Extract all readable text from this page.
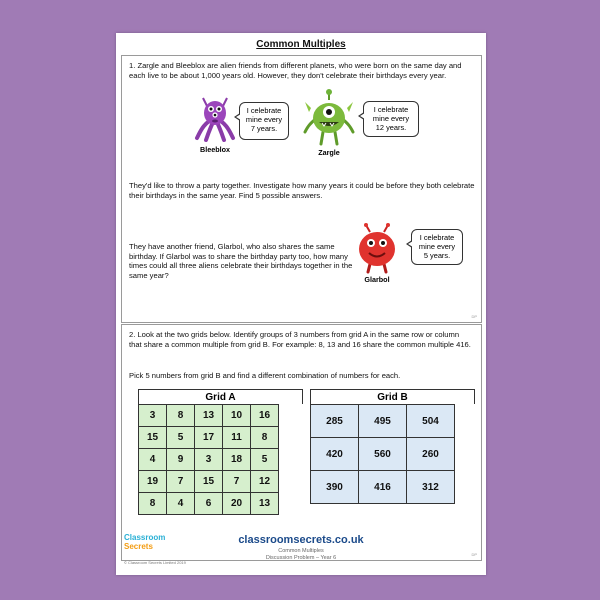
Common Multiples
1. Zargle and Bleeblox are alien friends from different planets, who were born on the same day and each live to be about 1,000 years old. However, they don't celebrate their birthdays every year.
Bleeblox
I celebrate mine every 7 years.
Zargle
I celebrate mine every 12 years.
They'd like to throw a party together. Investigate how many years it could be before they both celebrate their birthdays in the same year. Find 5 possible answers.
They have another friend, Glarbol, who also shares the same birthday. If Glarbol was to share the birthday party too, how many times could all three aliens celebrate their birthdays together in the same year?	Glarbol
I celebrate mine every 5 years.
DP
2. Look at the two grids below. Identify groups of 3 numbers from grid A in the same row or column that share a common multiple from grid B. For example: 8, 13 and 16 share the common multiple 416.
Pick 5 numbers from grid B and find a different combination of numbers for each.
Grid A
3	8	13	10	16
15	5	17	11	8
4	9	3	18	5
19	7	15	7	12
8	4	6	20	13
Grid B
285	495	504
420	560	260
390	416	312
DP
Classroom
Secrets
© Classroom Secrets Limited 2019
classroomsecrets.co.uk
Common Multiples
Discussion Problem – Year 6
